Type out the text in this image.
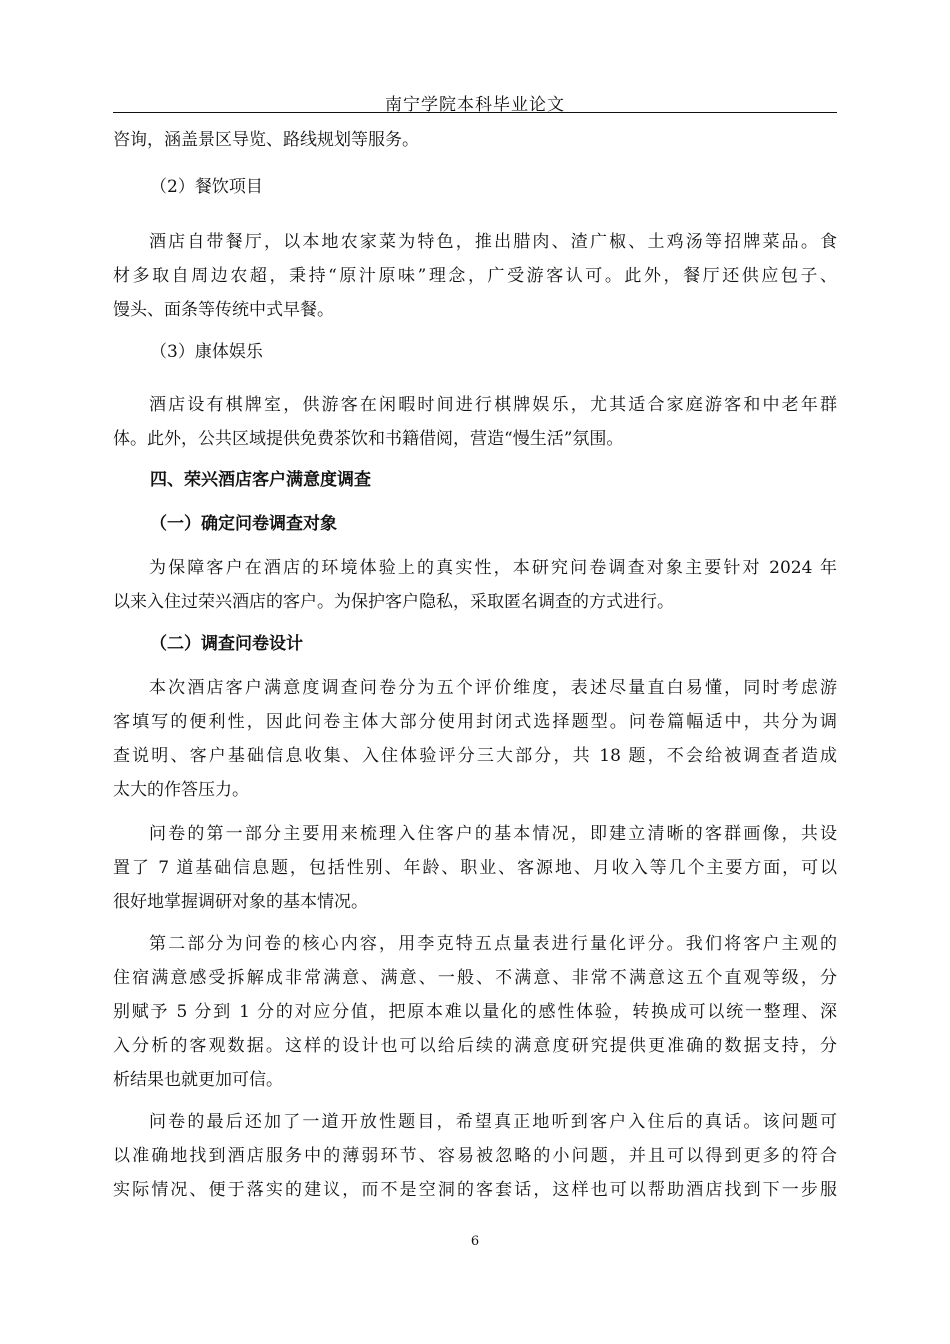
南宁学院本科毕业论文
咨询，涵盖景区导览、路线规划等服务。
（2）餐饮项目
酒店自带餐厅，以本地农家菜为特色，推出腊肉、渣广椒、土鸡汤等招牌菜品。食
材多取自周边农超，秉持“原汁原味”理念，广受游客认可。此外，餐厅还供应包子、
馒头、面条等传统中式早餐。
（3）康体娱乐
酒店设有棋牌室，供游客在闲暇时间进行棋牌娱乐，尤其适合家庭游客和中老年群
体。此外，公共区域提供免费茶饮和书籍借阅，营造“慢生活”氛围。
四、荣兴酒店客户满意度调查
（一）确定问卷调查对象
为保障客户在酒店的环境体验上的真实性，本研究问卷调查对象主要针对 2024 年
以来入住过荣兴酒店的客户。为保护客户隐私，采取匿名调查的方式进行。
（二）调查问卷设计
本次酒店客户满意度调查问卷分为五个评价维度，表述尽量直白易懂，同时考虑游
客填写的便利性，因此问卷主体大部分使用封闭式选择题型。问卷篇幅适中，共分为调
查说明、客户基础信息收集、入住体验评分三大部分，共 18 题，不会给被调查者造成
太大的作答压力。
问卷的第一部分主要用来梳理入住客户的基本情况，即建立清晰的客群画像，共设
置了 7 道基础信息题，包括性别、年龄、职业、客源地、月收入等几个主要方面，可以
很好地掌握调研对象的基本情况。
第二部分为问卷的核心内容，用李克特五点量表进行量化评分。我们将客户主观的
住宿满意感受拆解成非常满意、满意、一般、不满意、非常不满意这五个直观等级，分
别赋予 5 分到 1 分的对应分值，把原本难以量化的感性体验，转换成可以统一整理、深
入分析的客观数据。这样的设计也可以给后续的满意度研究提供更准确的数据支持，分
析结果也就更加可信。
问卷的最后还加了一道开放性题目，希望真正地听到客户入住后的真话。该问题可
以准确地找到酒店服务中的薄弱环节、容易被忽略的小问题，并且可以得到更多的符合
实际情况、便于落实的建议，而不是空洞的客套话，这样也可以帮助酒店找到下一步服
6
